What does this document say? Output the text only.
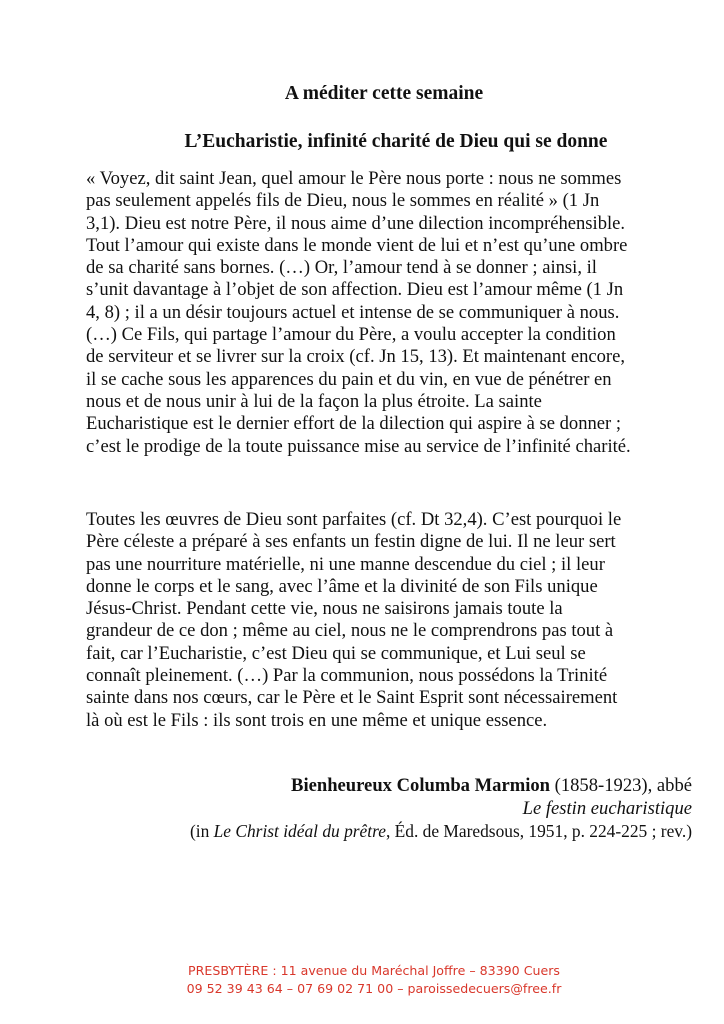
A méditer cette semaine

L’Eucharistie, infinité charité de Dieu qui se donne

« Voyez, dit saint Jean, quel amour le Père nous porte : nous ne sommes
pas seulement appelés fils de Dieu, nous le sommes en réalité » (1 Jn
3,1). Dieu est notre Père, il nous aime d’une dilection incompréhensible.
Tout l’amour qui existe dans le monde vient de lui et n’est qu’une ombre
de sa charité sans bornes. (…) Or, l’amour tend à se donner ; ainsi, il
s’unit davantage à l’objet de son affection. Dieu est l’amour même (1 Jn
4, 8) ; il a un désir toujours actuel et intense de se communiquer à nous.
(…) Ce Fils, qui partage l’amour du Père, a voulu accepter la condition
de serviteur et se livrer sur la croix (cf. Jn 15, 13). Et maintenant encore,
il se cache sous les apparences du pain et du vin, en vue de pénétrer en
nous et de nous unir à lui de la façon la plus étroite. La sainte
Eucharistique est le dernier effort de la dilection qui aspire à se donner ;
c’est le prodige de la toute puissance mise au service de l’infinité charité.

Toutes les œuvres de Dieu sont parfaites (cf. Dt 32,4). C’est pourquoi le
Père céleste a préparé à ses enfants un festin digne de lui. Il ne leur sert
pas une nourriture matérielle, ni une manne descendue du ciel ; il leur
donne le corps et le sang, avec l’âme et la divinité de son Fils unique
Jésus-Christ. Pendant cette vie, nous ne saisirons jamais toute la
grandeur de ce don ; même au ciel, nous ne le comprendrons pas tout à
fait, car l’Eucharistie, c’est Dieu qui se communique, et Lui seul se
connaît pleinement. (…) Par la communion, nous possédons la Trinité
sainte dans nos cœurs, car le Père et le Saint Esprit sont nécessairement
là où est le Fils : ils sont trois en une même et unique essence.

Bienheureux Columba Marmion (1858-1923), abbé

Le festin eucharistique

(in Le Christ idéal du prêtre, Éd. de Maredsous, 1951, p. 224-225 ; rev.)

PRESBYTÈRE : 11 avenue du Maréchal Joffre – 83390 Cuers

09 52 39 43 64 – 07 69 02 71 00 – paroissedecuers@free.fr
